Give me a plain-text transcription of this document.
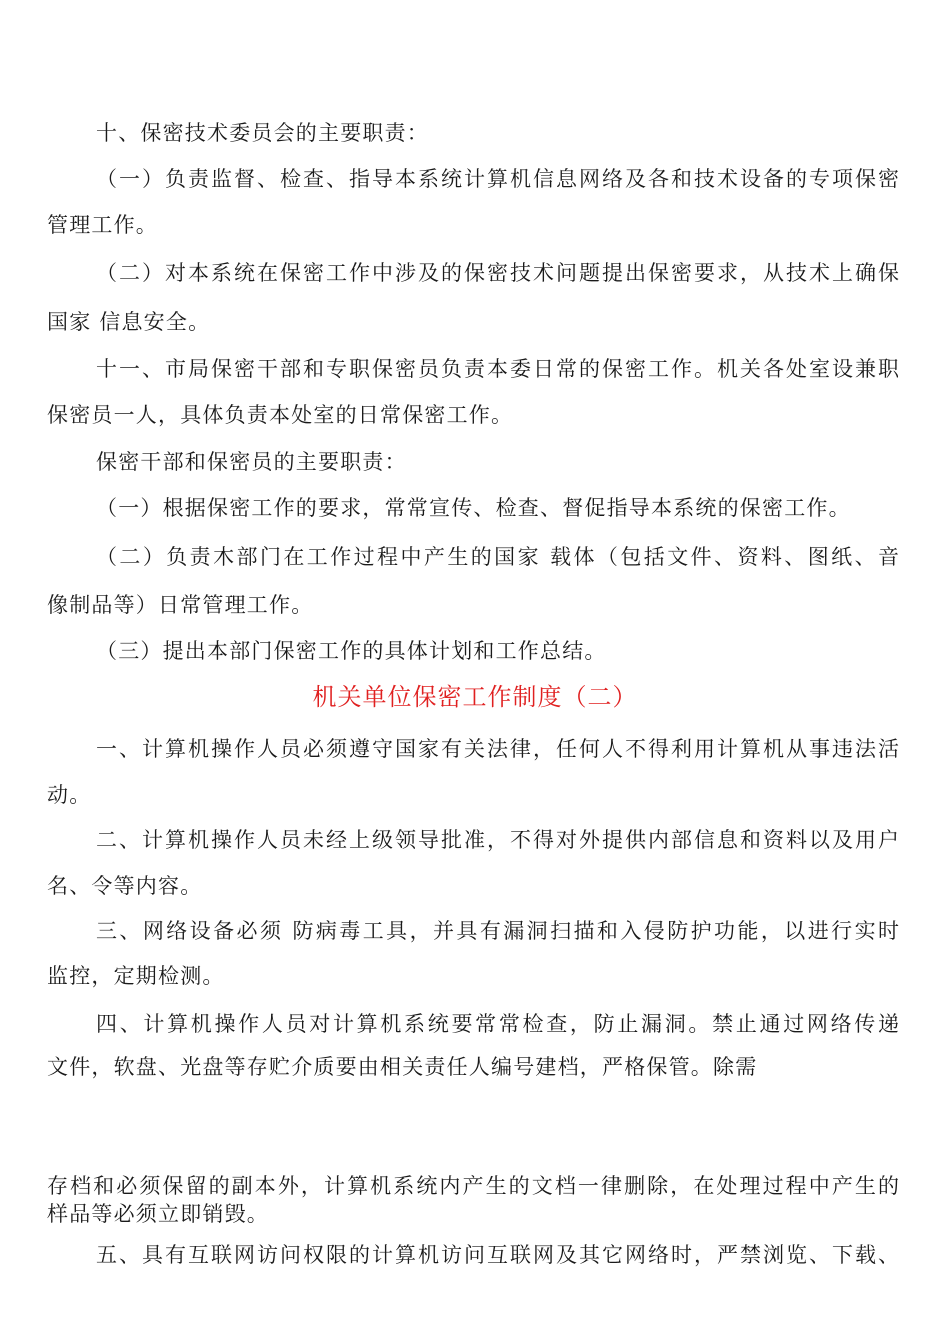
十、保密技术委员会的主要职责：
（一）负责监督、检查、指导本系统计算机信息网络及各和技术设备的专项保密
管理工作。
（二）对本系统在保密工作中涉及的保密技术问题提出保密要求，从技术上确保
国家 信息安全。
十一、市局保密干部和专职保密员负责本委日常的保密工作。机关各处室设兼职
保密员一人，具体负责本处室的日常保密工作。
保密干部和保密员的主要职责：
（一）根据保密工作的要求，常常宣传、检查、督促指导本系统的保密工作。
（二）负责木部门在工作过程中产生的国家 载体（包括文件、资料、图纸、音
像制品等）日常管理工作。
（三）提出本部门保密工作的具体计划和工作总结。
机关单位保密工作制度（二）
一、计算机操作人员必须遵守国家有关法律，任何人不得利用计算机从事违法活
动。
二、计算机操作人员未经上级领导批准，不得对外提供内部信息和资料以及用户
名、令等内容。
三、网络设备必须 防病毒工具，并具有漏洞扫描和入侵防护功能，以进行实时
监控，定期检测。
四、计算机操作人员对计算机系统要常常检查，防止漏洞。禁止通过网络传递
文件，软盘、光盘等存贮介质要由相关责任人编号建档，严格保管。除需
存档和必须保留的副本外，计算机系统内产生的文档一律删除，在处理过程中产生的
样品等必须立即销毁。
五、具有互联网访问权限的计算机访问互联网及其它网络时，严禁浏览、下载、
